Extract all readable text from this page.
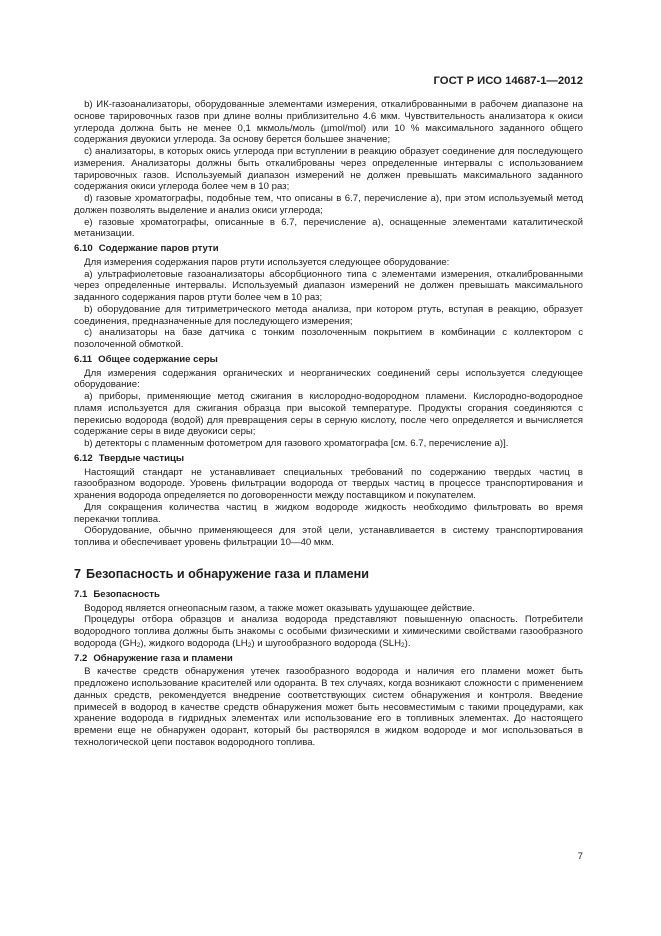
ГОСТ Р ИСО 14687-1—2012

b) ИК-газоанализаторы, оборудованные элементами измерения, откалиброванными в рабочем диапазоне на основе тарировочных газов при длине волны приблизительно 4.6 мкм. Чувствительность анализатора к окиси углерода должна быть не менее 0,1 мкмоль/моль (µmol/mol) или 10 % максимального заданного общего содержания двуокиси углерода. За основу берется большее значение;

c) анализаторы, в которых окись углерода при вступлении в реакцию образует соединение для последующего измерения. Анализаторы должны быть откалиброваны через определенные интервалы с использованием тарировочных газов. Используемый диапазон измерений не должен превышать максимального заданного содержания окиси углерода более чем в 10 раз;

d) газовые хроматографы, подобные тем, что описаны в 6.7, перечисление а), при этом используемый метод должен позволять выделение и анализ окиси углерода;

e) газовые хроматографы, описанные в 6.7, перечисление а), оснащенные элементами каталитической метанизации.

6.10 Содержание паров ртути

Для измерения содержания паров ртути используется следующее оборудование:

a) ультрафиолетовые газоанализаторы абсорбционного типа с элементами измерения, откалиброванными через определенные интервалы. Используемый диапазон измерений не должен превышать максимального заданного содержания паров ртути более чем в 10 раз;

b) оборудование для титриметрического метода анализа, при котором ртуть, вступая в реакцию, образует соединения, предназначенные для последующего измерения;

c) анализаторы на базе датчика с тонким позолоченным покрытием в комбинации с коллектором с позолоченной обмоткой.

6.11 Общее содержание серы

Для измерения содержания органических и неорганических соединений серы используется следующее оборудование:

a) приборы, применяющие метод сжигания в кислородно-водородном пламени. Кислородно-водородное пламя используется для сжигания образца при высокой температуре. Продукты сгорания соединяются с перекисью водорода (водой) для превращения серы в серную кислоту, после чего определяется и вычисляется содержание серы в виде двуокиси серы;

b) детекторы с пламенным фотометром для газового хроматографа [см. 6.7, перечисление а)].

6.12 Твердые частицы

Настоящий стандарт не устанавливает специальных требований по содержанию твердых частиц в газообразном водороде. Уровень фильтрации водорода от твердых частиц в процессе транспортирования и хранения водорода определяется по договоренности между поставщиком и покупателем.

Для сокращения количества частиц в жидком водороде жидкость необходимо фильтровать во время перекачки топлива.

Оборудование, обычно применяющееся для этой цели, устанавливается в систему транспортирования топлива и обеспечивает уровень фильтрации 10—40 мкм.

7 Безопасность и обнаружение газа и пламени
7.1 Безопасность

Водород является огнеопасным газом, а также может оказывать удушающее действие.

Процедуры отбора образцов и анализа водорода представляют повышенную опасность. Потребители водородного топлива должны быть знакомы с особыми физическими и химическими свойствами газообразного водорода $(GH_2)$, жидкого водорода $(LH_2)$ и шугообразного водорода $(SLH_2)$.

7.2 Обнаружение газа и пламени

В качестве средств обнаружения утечек газообразного водорода и наличия его пламени может быть предложено использование красителей или одоранта. В тех случаях, когда возникают сложности с применением данных средств, рекомендуется внедрение соответствующих систем обнаружения и контроля. Введение примесей в водород в качестве средств обнаружения может быть несовместимым с такими процедурами, как хранение водорода в гидридных элементах или использование его в топливных элементах. До настоящего времени еще не обнаружен одорант, который бы растворялся в жидком водороде и мог использоваться в технологической цепи поставок водородного топлива.

7
